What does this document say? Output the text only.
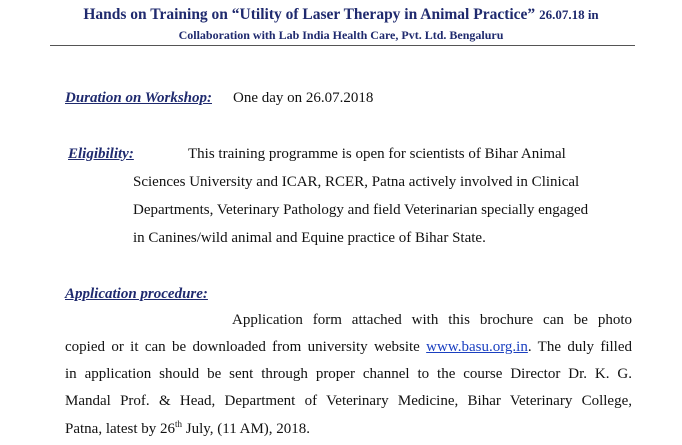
Hands on Training on “Utility of Laser Therapy in Animal Practice” 26.07.18 in
Collaboration with Lab India Health Care, Pvt. Ltd. Bengaluru
Duration on Workshop: One day on 26.07.2018
Eligibility:	This training programme is open for scientists of Bihar Animal
Sciences University and ICAR, RCER, Patna actively involved in Clinical
Departments, Veterinary Pathology and field Veterinarian specially engaged
in Canines/wild animal and Equine practice of Bihar State.
Application procedure:
Application form attached with this brochure can be photo
copied or it can be downloaded from university website www.basu.org.in. The duly filled
in application should be sent through proper channel to the course Director Dr. K. G.
Mandal Prof. & Head, Department of Veterinary Medicine, Bihar Veterinary College,
Patna, latest by 26th July, (11 AM), 2018.
